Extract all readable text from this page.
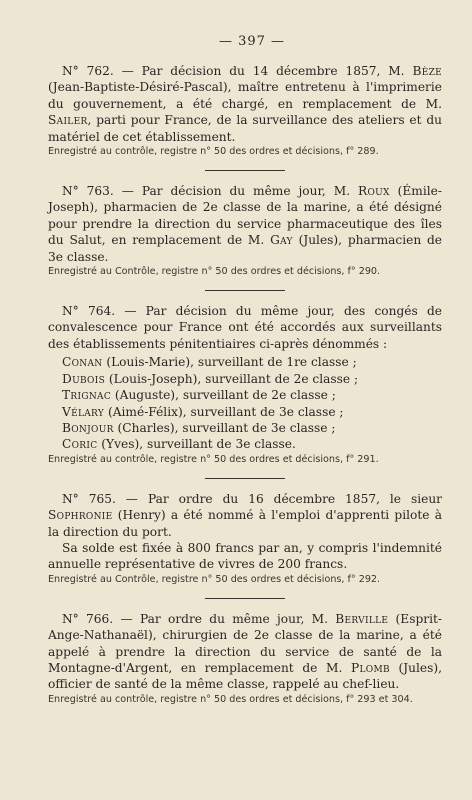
— 397 —

N° 762. — Par décision du 14 décembre 1857, M. Bèze (Jean-Baptiste-Désiré-Pascal), maître entretenu à l'imprimerie du gouvernement, a été chargé, en remplacement de M. Sailer, parti pour France, de la surveillance des ateliers et du matériel de cet établissement.

Enregistré au contrôle, registre n° 50 des ordres et décisions, f° 289.

N° 763. — Par décision du même jour, M. Roux (Émile-Joseph), pharmacien de 2e classe de la marine, a été désigné pour prendre la direction du service pharmaceutique des îles du Salut, en remplacement de M. Gay (Jules), pharmacien de 3e classe.

Enregistré au Contrôle, registre n° 50 des ordres et décisions, f° 290.

N° 764. — Par décision du même jour, des congés de convalescence pour France ont été accordés aux surveillants des établissements pénitentiaires ci-après dénommés :

Conan (Louis-Marie), surveillant de 1re classe ;
Dubois (Louis-Joseph), surveillant de 2e classe ;
Trignac (Auguste), surveillant de 2e classe ;
Vélary (Aimé-Félix), surveillant de 3e classe ;
Bonjour (Charles), surveillant de 3e classe ;
Coric (Yves), surveillant de 3e classe.

Enregistré au contrôle, registre n° 50 des ordres et décisions, f° 291.

N° 765. — Par ordre du 16 décembre 1857, le sieur Sophronie (Henry) a été nommé à l'emploi d'apprenti pilote à la direction du port.

Sa solde est fixée à 800 francs par an, y compris l'indemnité annuelle représentative de vivres de 200 francs.

Enregistré au Contrôle, registre n° 50 des ordres et décisions, f° 292.

N° 766. — Par ordre du même jour, M. Berville (Esprit-Ange-Nathanaël), chirurgien de 2e classe de la marine, a été appelé à prendre la direction du service de santé de la Montagne-d'Argent, en remplacement de M. Plomb (Jules), officier de santé de la même classe, rappelé au chef-lieu.

Enregistré au contrôle, registre n° 50 des ordres et décisions, f° 293 et 304.
